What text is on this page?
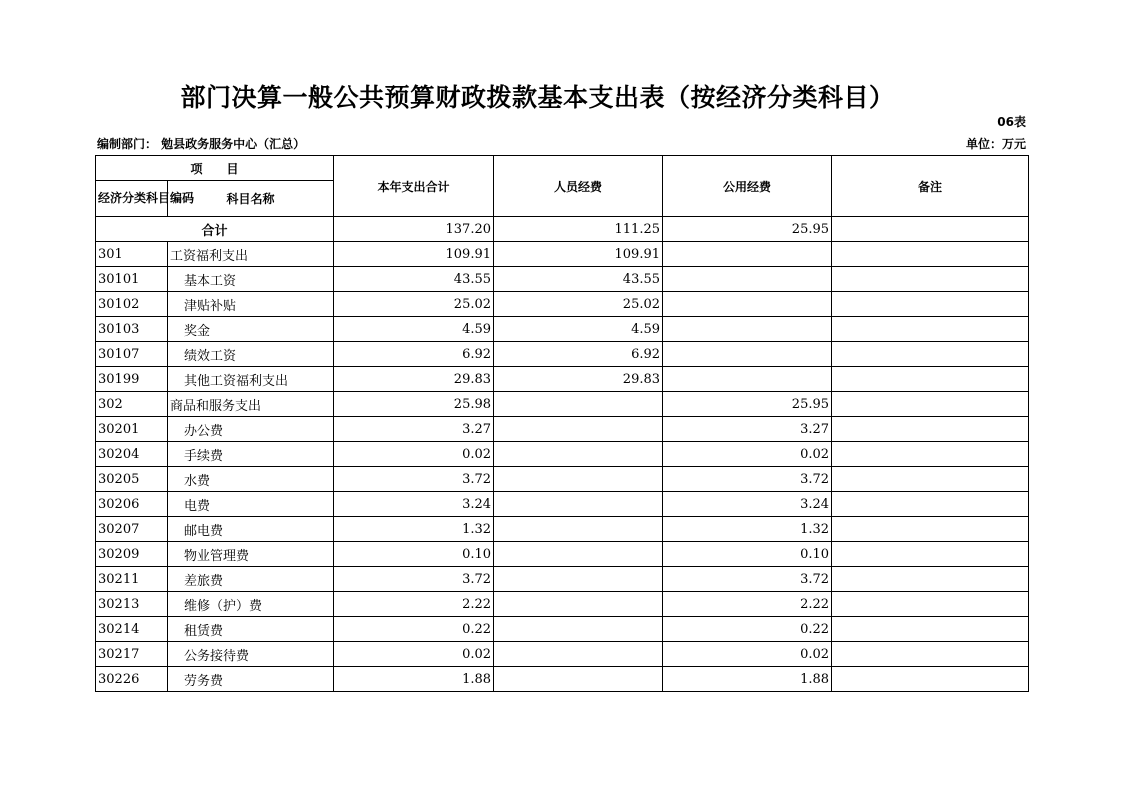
部门决算一般公共预算财政拨款基本支出表（按经济分类科目）
06表
编制部门： 勉县政务服务中心（汇总）	单位：万元
项　　目		本年支出合计	人员经费	公用经费	备注
经济分类科目编码	科目名称				
合计		137.20	111.25	25.95	
301	工资福利支出	109.91	109.91		
30101	基本工资	43.55	43.55		
30102	津贴补贴	25.02	25.02		
30103	奖金	4.59	4.59		
30107	绩效工资	6.92	6.92		
30199	其他工资福利支出	29.83	29.83		
302	商品和服务支出	25.98		25.95	
30201	办公费	3.27		3.27	
30204	手续费	0.02		0.02	
30205	水费	3.72		3.72	
30206	电费	3.24		3.24	
30207	邮电费	1.32		1.32	
30209	物业管理费	0.10		0.10	
30211	差旅费	3.72		3.72	
30213	维修（护）费	2.22		2.22	
30214	租赁费	0.22		0.22	
30217	公务接待费	0.02		0.02	
30226	劳务费	1.88		1.88	
